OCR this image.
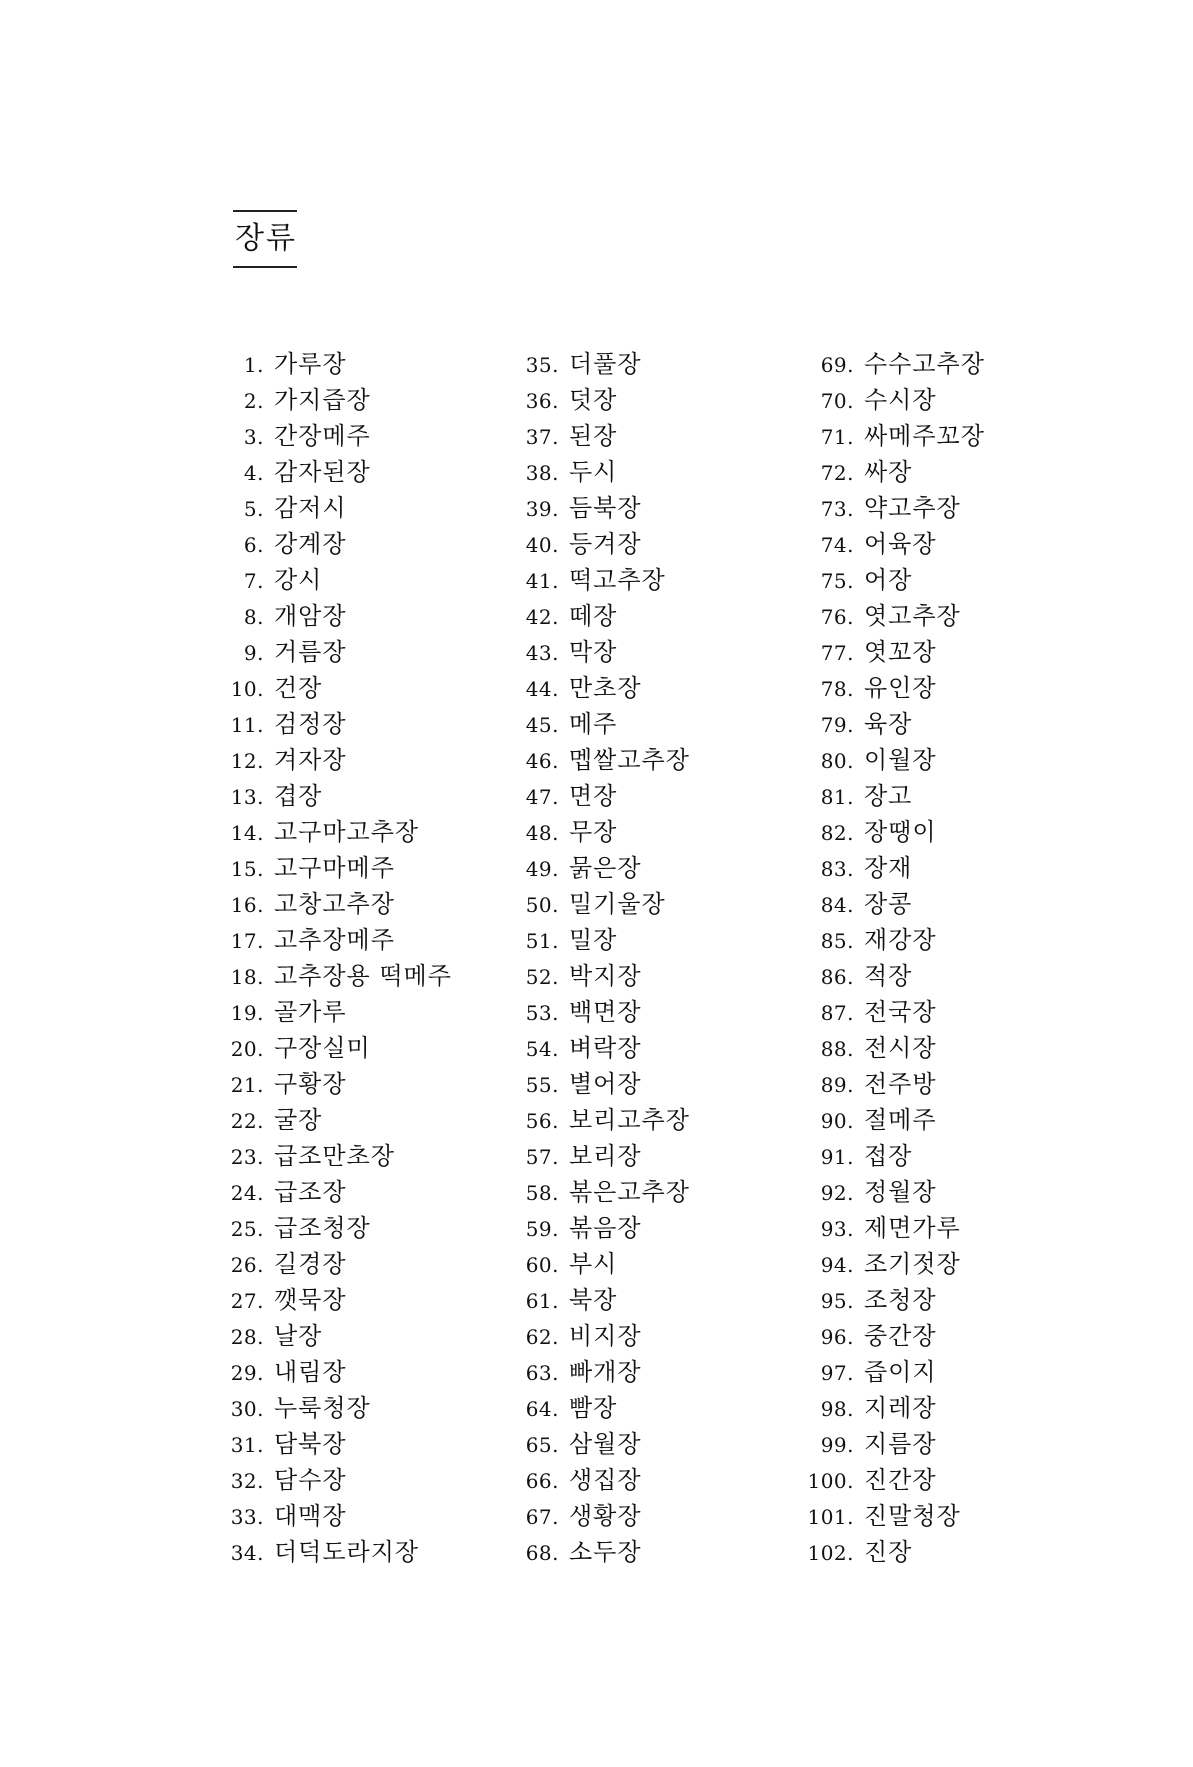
장류
1. 가루장
2. 가지즙장
3. 간장메주
4. 감자된장
5. 감저시
6. 강계장
7. 강시
8. 개암장
9. 거름장
10. 건장
11. 검정장
12. 겨자장
13. 겹장
14. 고구마고추장
15. 고구마메주
16. 고창고추장
17. 고추장메주
18. 고추장용 떡메주
19. 골가루
20. 구장실미
21. 구황장
22. 굴장
23. 급조만초장
24. 급조장
25. 급조청장
26. 길경장
27. 깻묵장
28. 날장
29. 내림장
30. 누룩청장
31. 담북장
32. 담수장
33. 대맥장
34. 더덕도라지장
35. 더풀장
36. 덧장
37. 된장
38. 두시
39. 듬북장
40. 등겨장
41. 떡고추장
42. 떼장
43. 막장
44. 만초장
45. 메주
46. 멥쌀고추장
47. 면장
48. 무장
49. 묽은장
50. 밀기울장
51. 밀장
52. 박지장
53. 백면장
54. 벼락장
55. 별어장
56. 보리고추장
57. 보리장
58. 볶은고추장
59. 볶음장
60. 부시
61. 북장
62. 비지장
63. 빠개장
64. 빰장
65. 삼월장
66. 생집장
67. 생황장
68. 소두장
69. 수수고추장
70. 수시장
71. 싸메주꼬장
72. 싸장
73. 약고추장
74. 어육장
75. 어장
76. 엿고추장
77. 엿꼬장
78. 유인장
79. 육장
80. 이월장
81. 장고
82. 장땡이
83. 장재
84. 장콩
85. 재강장
86. 적장
87. 전국장
88. 전시장
89. 전주방
90. 절메주
91. 접장
92. 정월장
93. 제면가루
94. 조기젓장
95. 조청장
96. 중간장
97. 즙이지
98. 지레장
99. 지름장
100. 진간장
101. 진말청장
102. 진장
